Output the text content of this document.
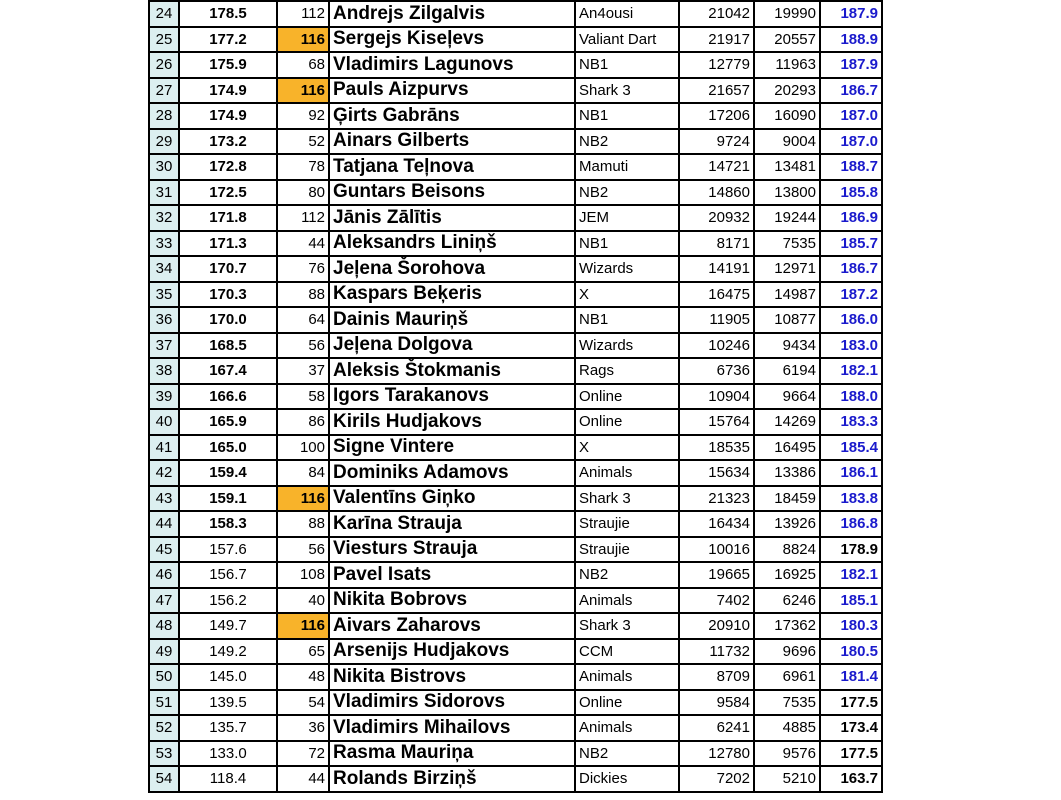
24	178.5	112	Andrejs Zilgalvis	An4ousi	21042	19990	187.9
25	177.2	116	Sergejs Kiseļevs	Valiant Dart	21917	20557	188.9
26	175.9	68	Vladimirs Lagunovs	NB1	12779	11963	187.9
27	174.9	116	Pauls Aizpurvs	Shark 3	21657	20293	186.7
28	174.9	92	Ģirts Gabrāns	NB1	17206	16090	187.0
29	173.2	52	Ainars Gilberts	NB2	9724	9004	187.0
30	172.8	78	Tatjana Teļnova	Mamuti	14721	13481	188.7
31	172.5	80	Guntars Beisons	NB2	14860	13800	185.8
32	171.8	112	Jānis Zālītis	JEM	20932	19244	186.9
33	171.3	44	Aleksandrs Liniņš	NB1	8171	7535	185.7
34	170.7	76	Jeļena Šorohova	Wizards	14191	12971	186.7
35	170.3	88	Kaspars Beķeris	X	16475	14987	187.2
36	170.0	64	Dainis Mauriņš	NB1	11905	10877	186.0
37	168.5	56	Jeļena Dolgova	Wizards	10246	9434	183.0
38	167.4	37	Aleksis Štokmanis	Rags	6736	6194	182.1
39	166.6	58	Igors Tarakanovs	Online	10904	9664	188.0
40	165.9	86	Kirils Hudjakovs	Online	15764	14269	183.3
41	165.0	100	Signe Vintere	X	18535	16495	185.4
42	159.4	84	Dominiks Adamovs	Animals	15634	13386	186.1
43	159.1	116	Valentīns Giņko	Shark 3	21323	18459	183.8
44	158.3	88	Karīna Strauja	Straujie	16434	13926	186.8
45	157.6	56	Viesturs Strauja	Straujie	10016	8824	178.9
46	156.7	108	Pavel Isats	NB2	19665	16925	182.1
47	156.2	40	Nikita Bobrovs	Animals	7402	6246	185.1
48	149.7	116	Aivars Zaharovs	Shark 3	20910	17362	180.3
49	149.2	65	Arsenijs Hudjakovs	CCM	11732	9696	180.5
50	145.0	48	Nikita Bistrovs	Animals	8709	6961	181.4
51	139.5	54	Vladimirs Sidorovs	Online	9584	7535	177.5
52	135.7	36	Vladimirs Mihailovs	Animals	6241	4885	173.4
53	133.0	72	Rasma Mauriņa	NB2	12780	9576	177.5
54	118.4	44	Rolands Birziņš	Dickies	7202	5210	163.7
